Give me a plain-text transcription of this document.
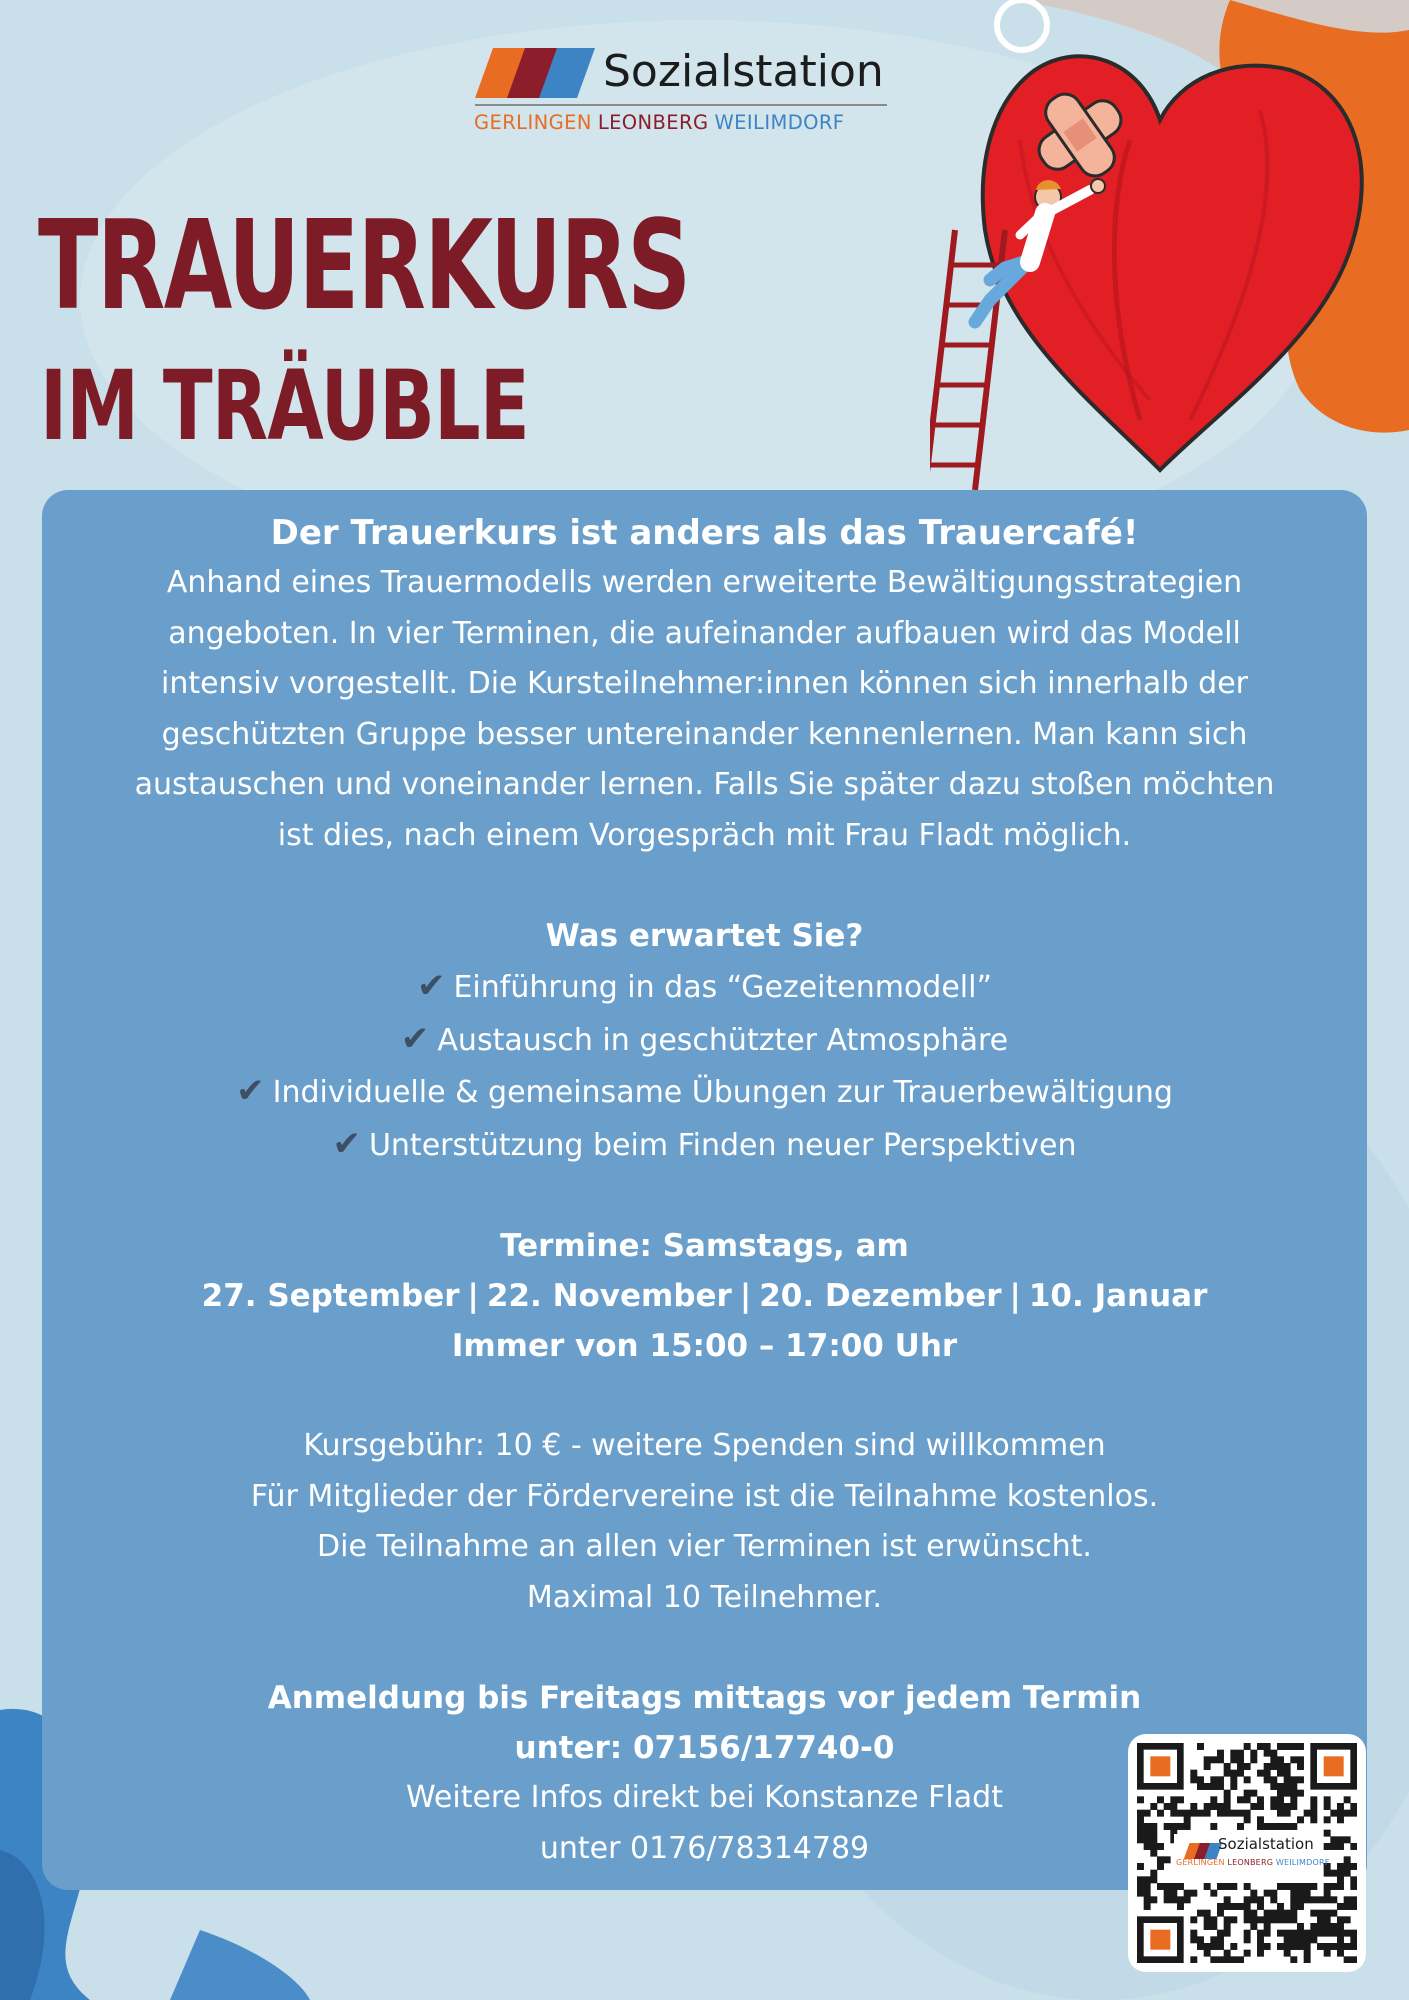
Sozialstation
GERLINGEN LEONBERG WEILIMDORF
TRAUERKURS
IM TRÄUBLE

Der Trauerkurs ist anders als das Trauercafé!

Anhand eines Trauermodells werden erweiterte Bewältigungsstrategien

angeboten. In vier Terminen, die aufeinander aufbauen wird das Modell

intensiv vorgestellt. Die Kursteilnehmer:innen können sich innerhalb der

geschützten Gruppe besser untereinander kennenlernen. Man kann sich

austauschen und voneinander lernen. Falls Sie später dazu stoßen möchten

ist dies, nach einem Vorgespräch mit Frau Fladt möglich.

Was erwartet Sie?

✔ Einführung in das “Gezeitenmodell”

✔ Austausch in geschützter Atmosphäre

✔ Individuelle & gemeinsame Übungen zur Trauerbewältigung

✔ Unterstützung beim Finden neuer Perspektiven

Termine: Samstags, am

27. September | 22. November | 20. Dezember | 10. Januar

Immer von 15:00 – 17:00 Uhr

Kursgebühr: 10 € - weitere Spenden sind willkommen

Für Mitglieder der Fördervereine ist die Teilnahme kostenlos.

Die Teilnahme an allen vier Terminen ist erwünscht.

Maximal 10 Teilnehmer.

Anmeldung bis Freitags mittags vor jedem Termin

unter: 07156/17740-0

Weitere Infos direkt bei Konstanze Fladt

unter 0176/78314789	Sozialstation
GERLINGEN LEONBERG WEILIMDORF
